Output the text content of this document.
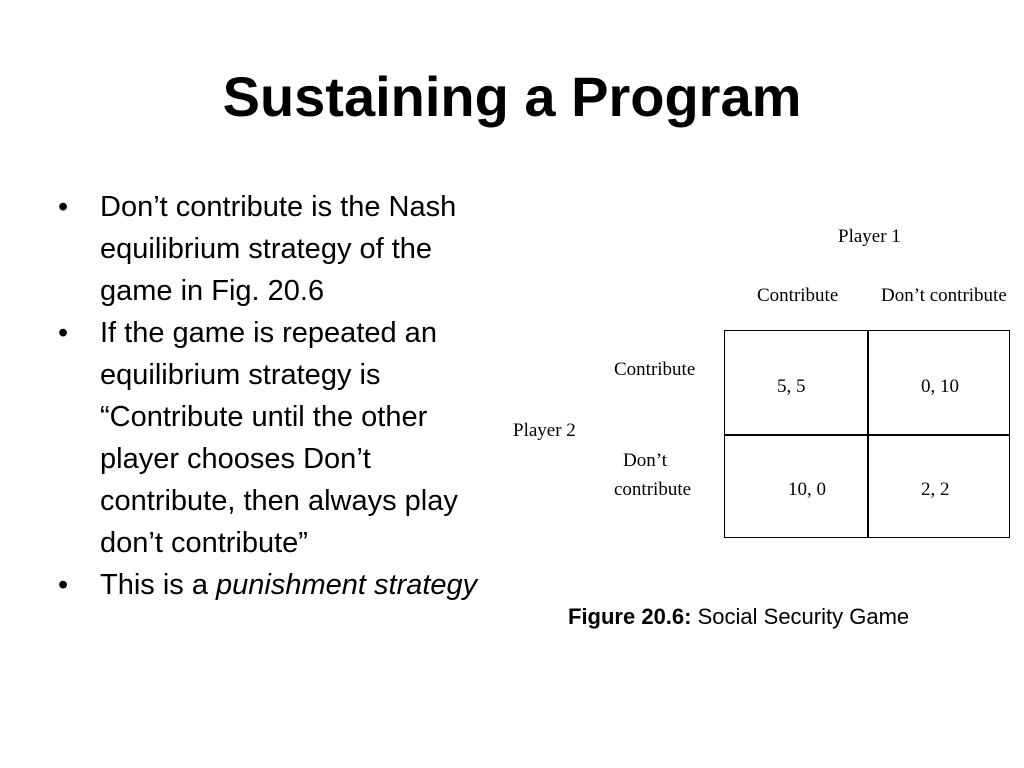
Sustaining a Program
• Don’t contribute is the Nash equilibrium strategy of the game in Fig. 20.6
• If the game is repeated an equilibrium strategy is “Contribute until the other player chooses Don’t contribute, then always play don’t contribute”
• This is a punishment strategy
Player 1
Contribute Don’t contribute
Player 2
Contribute
Don’t
contribute
5, 5	0, 10
10, 0	2, 2
Figure 20.6: Social Security Game
